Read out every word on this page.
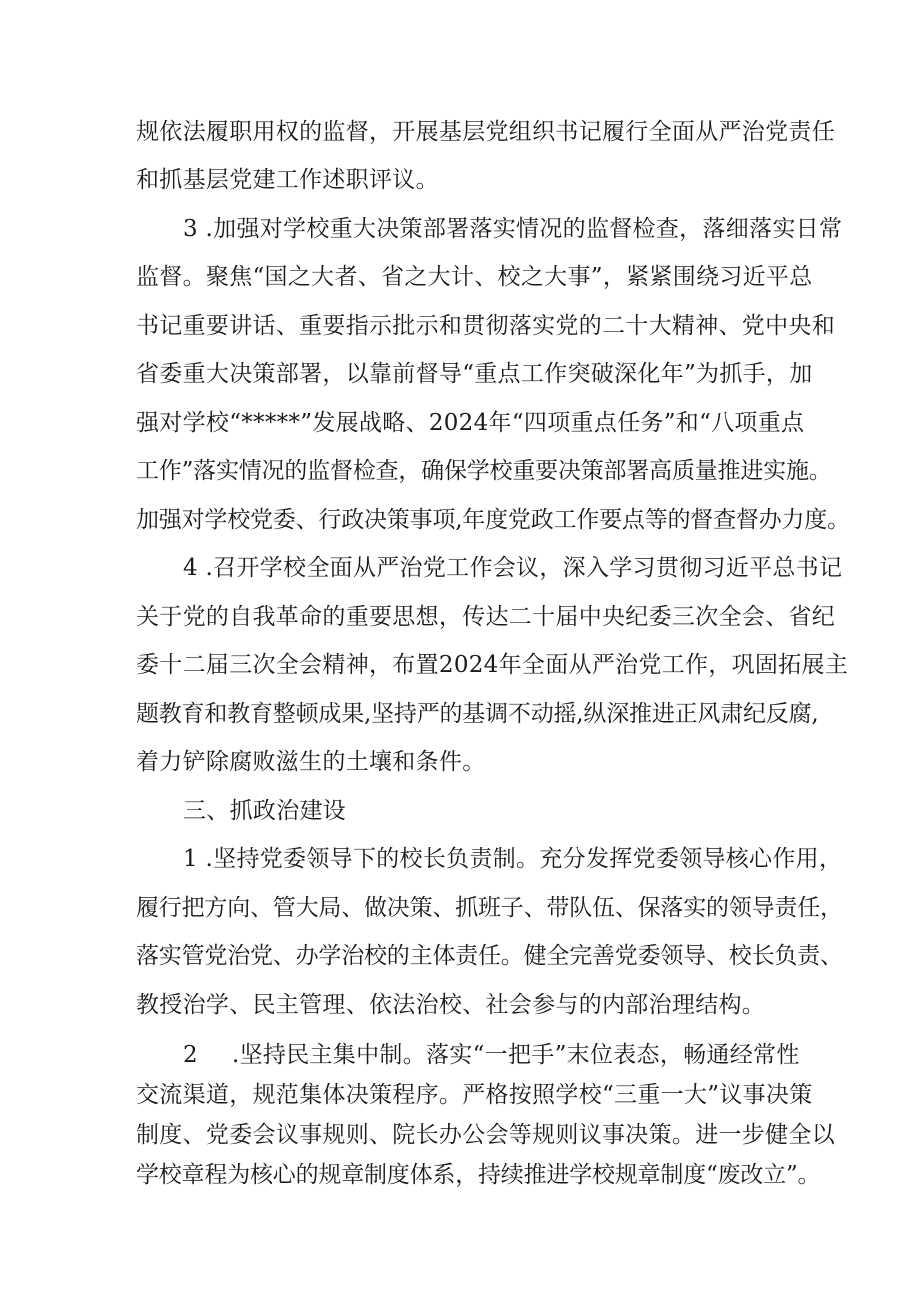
规依法履职用权的监督，开展基层党组织书记履行全面从严治党责任
和抓基层党建工作述职评议。
3 .加强对学校重大决策部署落实情况的监督检查，落细落实日常
监督。聚焦“国之大者、省之大计、校之大事”，紧紧围绕习近平总
书记重要讲话、重要指示批示和贯彻落实党的二十大精神、党中央和
省委重大决策部署，以靠前督导“重点工作突破深化年”为抓手，加
强对学校“*****”发展战略、2024年“四项重点任务”和“八项重点
工作”落实情况的监督检查，确保学校重要决策部署高质量推进实施。
加强对学校党委、行政决策事项,年度党政工作要点等的督查督办力度。
4 .召开学校全面从严治党工作会议，深入学习贯彻习近平总书记
关于党的自我革命的重要思想，传达二十届中央纪委三次全会、省纪
委十二届三次全会精神，布置2024年全面从严治党工作，巩固拓展主
题教育和教育整顿成果,坚持严的基调不动摇,纵深推进正风肃纪反腐,
着力铲除腐败滋生的土壤和条件。
三、抓政治建设
1 .坚持党委领导下的校长负责制。充分发挥党委领导核心作用，
履行把方向、管大局、做决策、抓班子、带队伍、保落实的领导责任，
落实管党治党、办学治校的主体责任。健全完善党委领导、校长负责、
教授治学、民主管理、依法治校、社会参与的内部治理结构。
2 .坚持民主集中制。落实“一把手”末位表态，畅通经常性
交流渠道，规范集体决策程序。严格按照学校“三重一大”议事决策
制度、党委会议事规则、院长办公会等规则议事决策。进一步健全以
学校章程为核心的规章制度体系，持续推进学校规章制度“废改立”。
